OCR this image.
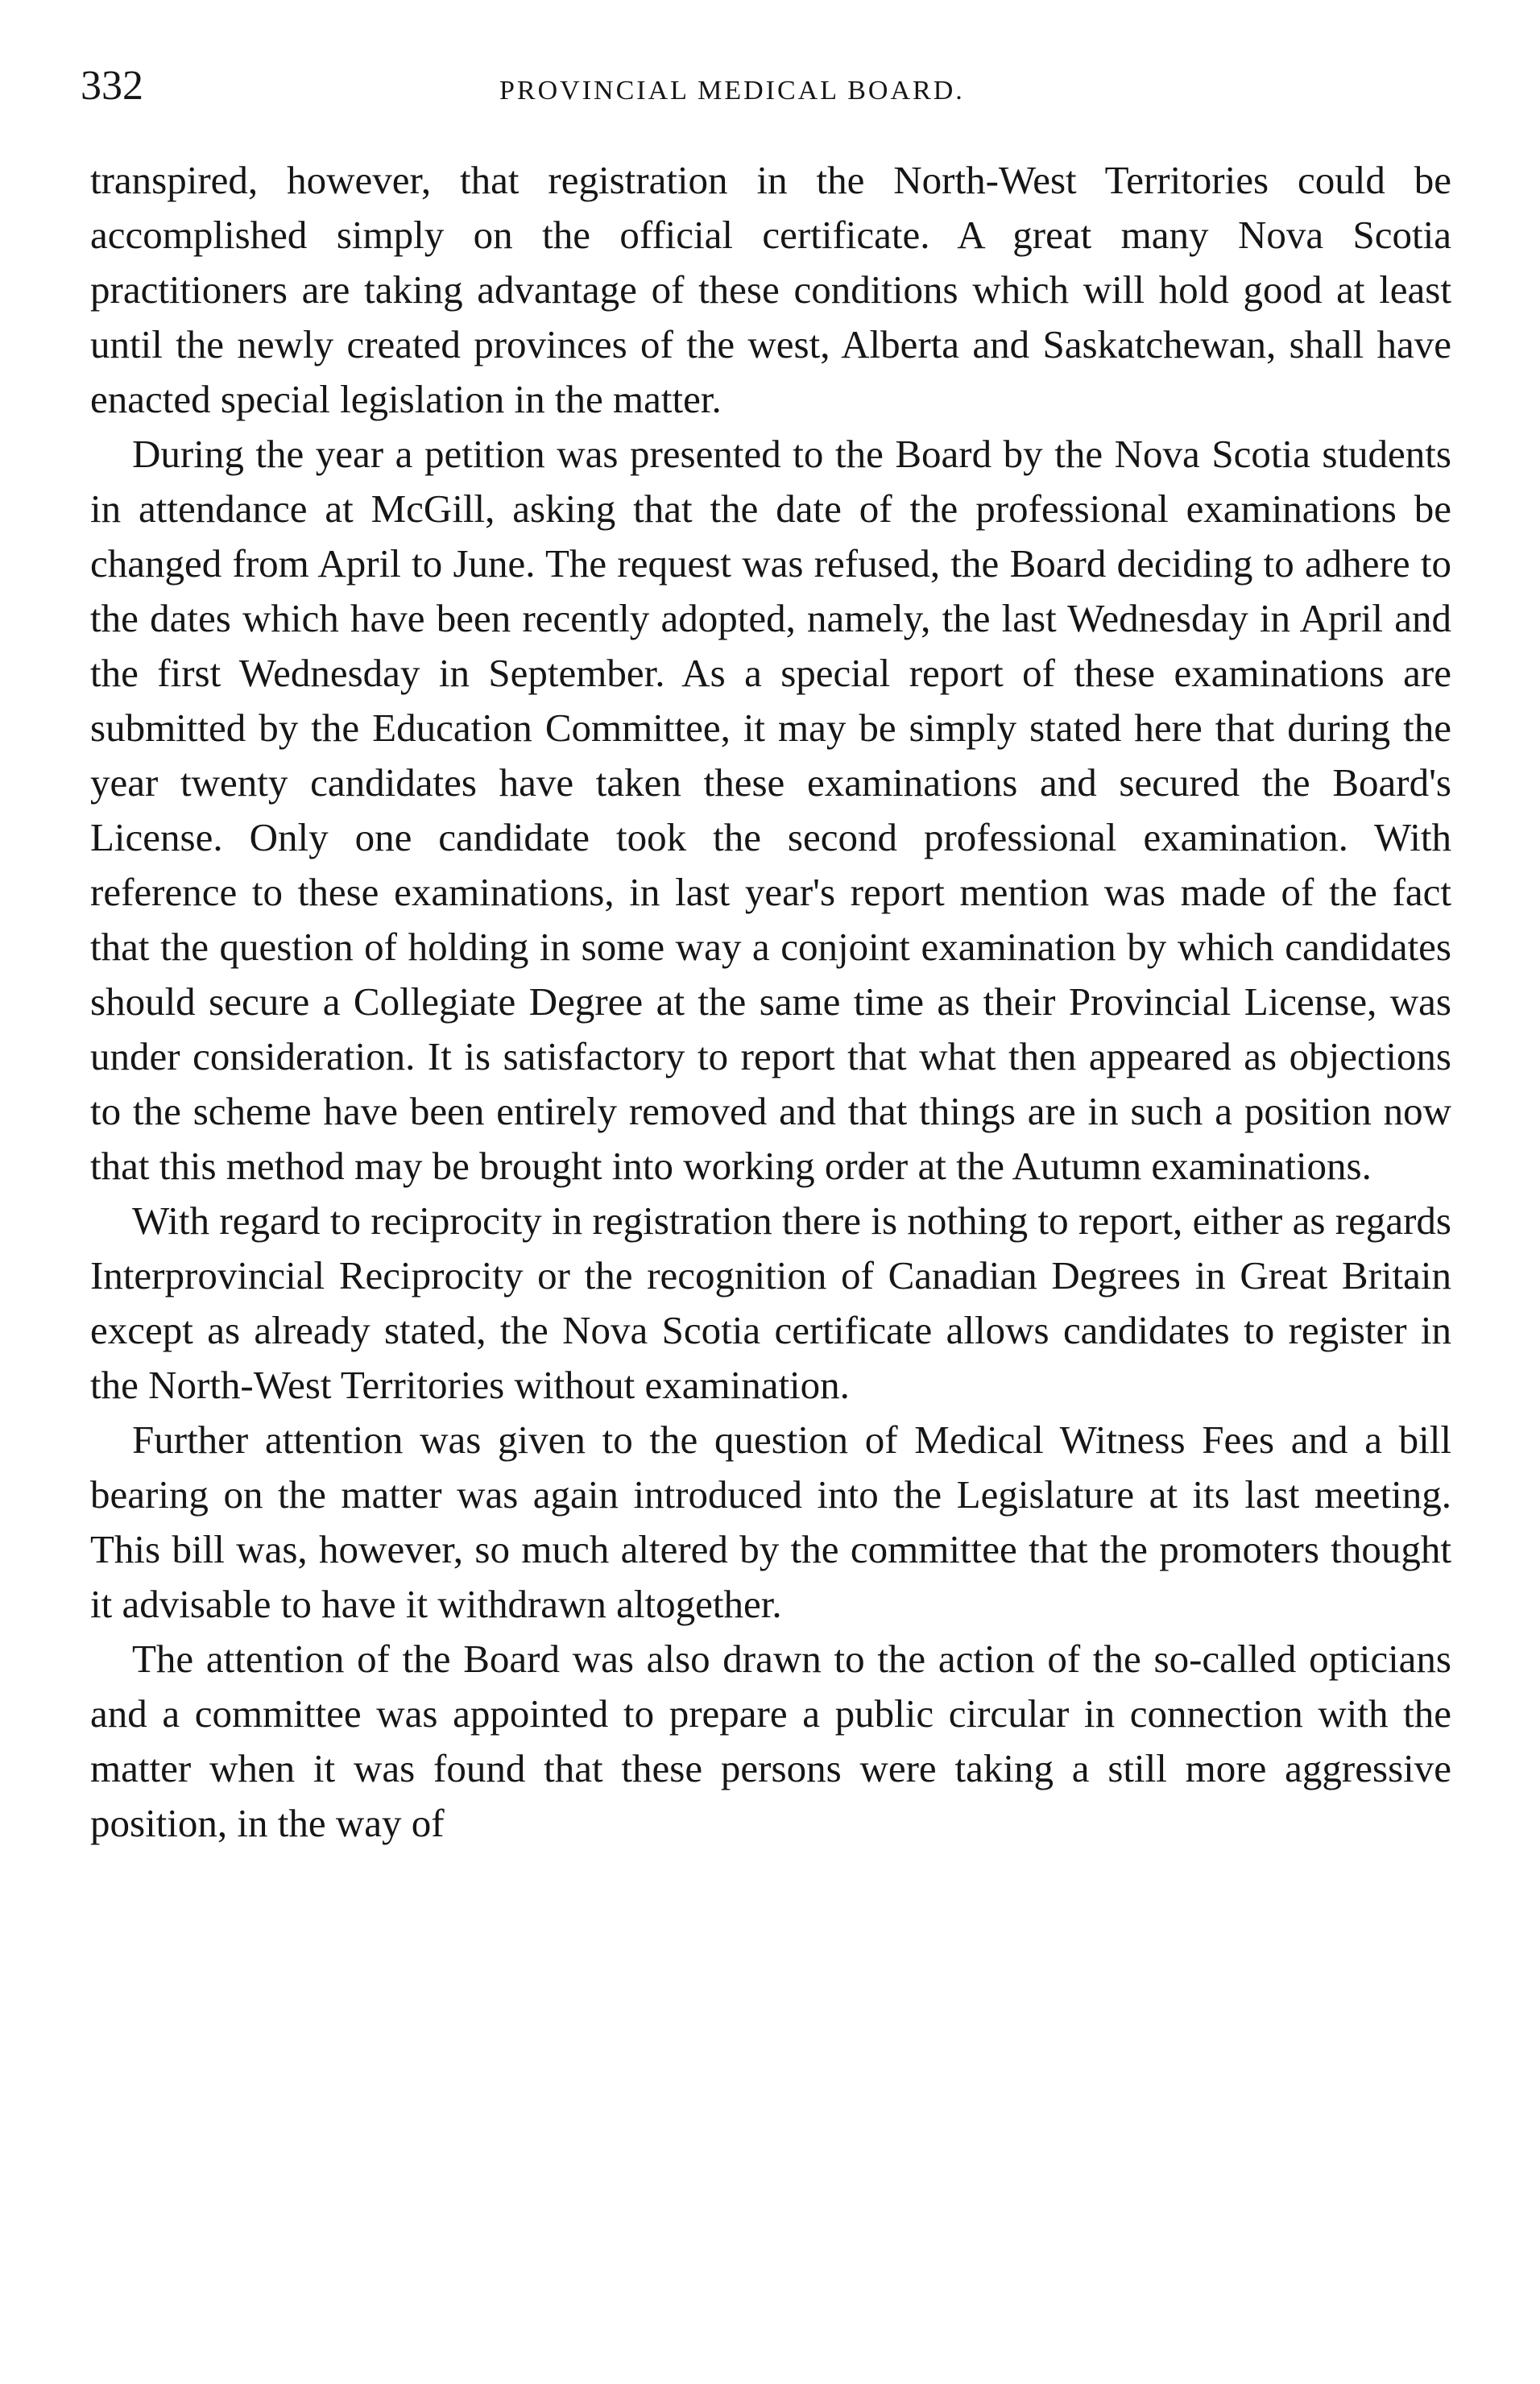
332	PROVINCIAL MEDICAL BOARD.

transpired, however, that registration in the North-West Territories could be accomplished simply on the official certificate. A great many Nova Scotia practitioners are taking advantage of these conditions which will hold good at least until the newly created provinces of the west, Alberta and Saskatchewan, shall have enacted special legislation in the matter.

During the year a petition was presented to the Board by the Nova Scotia students in attendance at McGill, asking that the date of the professional examinations be changed from April to June. The request was refused, the Board deciding to adhere to the dates which have been recently adopted, namely, the last Wednesday in April and the first Wednesday in September. As a special report of these examinations are submitted by the Education Committee, it may be simply stated here that during the year twenty candidates have taken these examinations and secured the Board's License. Only one candidate took the second professional examination. With reference to these examinations, in last year's report mention was made of the fact that the question of holding in some way a conjoint examination by which candidates should secure a Collegiate Degree at the same time as their Provincial License, was under consideration. It is satisfactory to report that what then appeared as objections to the scheme have been entirely removed and that things are in such a position now that this method may be brought into working order at the Autumn examinations.

With regard to reciprocity in registration there is nothing to report, either as regards Interprovincial Reciprocity or the recognition of Canadian Degrees in Great Britain except as already stated, the Nova Scotia certificate allows candidates to register in the North-West Territories without examination.

Further attention was given to the question of Medical Witness Fees and a bill bearing on the matter was again introduced into the Legislature at its last meeting. This bill was, however, so much altered by the committee that the promoters thought it advisable to have it withdrawn altogether.

The attention of the Board was also drawn to the action of the so-called opticians and a committee was appointed to prepare a public circular in connection with the matter when it was found that these persons were taking a still more aggressive position, in the way of
